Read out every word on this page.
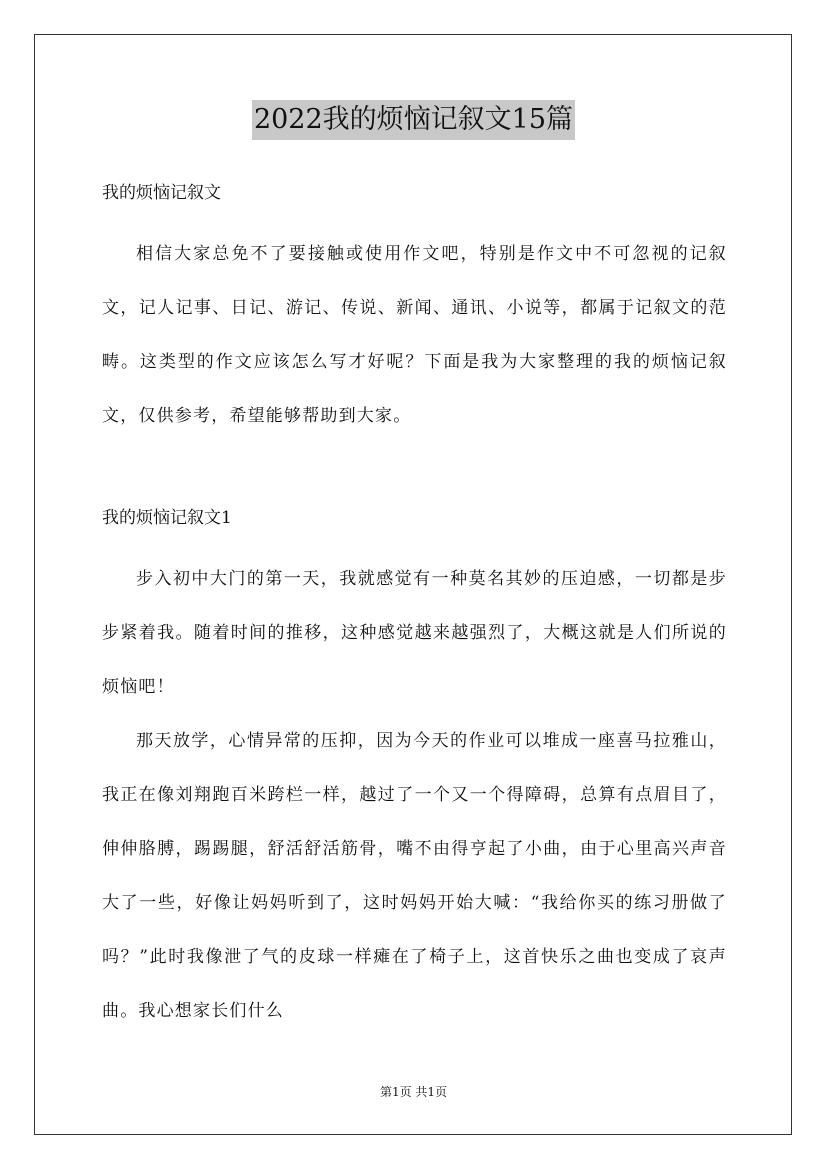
2022我的烦恼记叙文15篇

我的烦恼记叙文

相信大家总免不了要接触或使用作文吧，特别是作文中不可忽视的记叙文，记人记事、日记、游记、传说、新闻、通讯、小说等，都属于记叙文的范畴。这类型的作文应该怎么写才好呢？下面是我为大家整理的我的烦恼记叙文，仅供参考，希望能够帮助到大家。

我的烦恼记叙文1

步入初中大门的第一天，我就感觉有一种莫名其妙的压迫感，一切都是步步紧着我。随着时间的推移，这种感觉越来越强烈了，大概这就是人们所说的烦恼吧！

那天放学，心情异常的压抑，因为今天的作业可以堆成一座喜马拉雅山，我正在像刘翔跑百米跨栏一样，越过了一个又一个得障碍，总算有点眉目了，伸伸胳膊，踢踢腿，舒活舒活筋骨，嘴不由得亨起了小曲，由于心里高兴声音大了一些，好像让妈妈听到了，这时妈妈开始大喊：“我给你买的练习册做了吗？”此时我像泄了气的皮球一样瘫在了椅子上，这首快乐之曲也变成了哀声曲。我心想家长们什么

第1页 共1页
